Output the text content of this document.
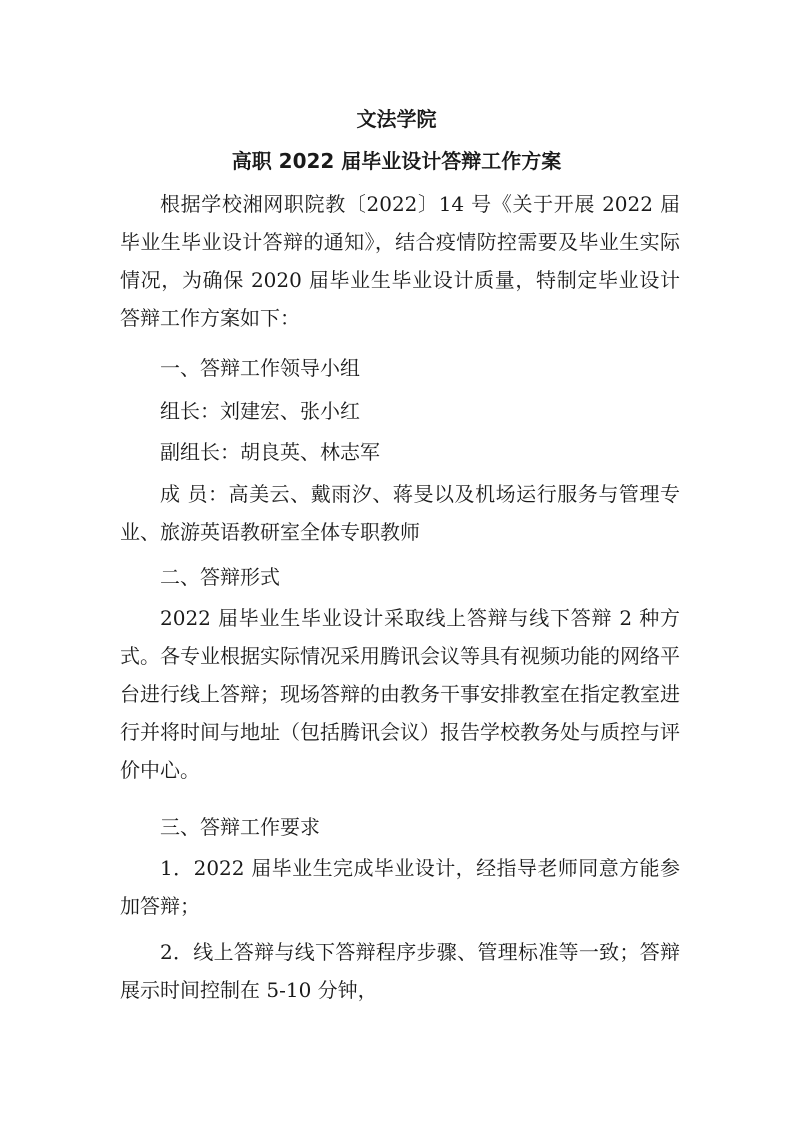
文法学院
高职 2022 届毕业设计答辩工作方案
根据学校湘网职院教〔2022〕14 号《关于开展 2022 届毕业生毕业设计答辩的通知》，结合疫情防控需要及毕业生实际情况，为确保 2020 届毕业生毕业设计质量，特制定毕业设计答辩工作方案如下：
一、答辩工作领导小组
组长：刘建宏、张小红
副组长：胡良英、林志军
成 员：高美云、戴雨汐、蒋旻以及机场运行服务与管理专业、旅游英语教研室全体专职教师
二、答辩形式
2022 届毕业生毕业设计采取线上答辩与线下答辩 2 种方式。各专业根据实际情况采用腾讯会议等具有视频功能的网络平台进行线上答辩；现场答辩的由教务干事安排教室在指定教室进行并将时间与地址（包括腾讯会议）报告学校教务处与质控与评价中心。
三、答辩工作要求
1．2022 届毕业生完成毕业设计，经指导老师同意方能参加答辩；
2．线上答辩与线下答辩程序步骤、管理标准等一致；答辩展示时间控制在 5-10 分钟，
